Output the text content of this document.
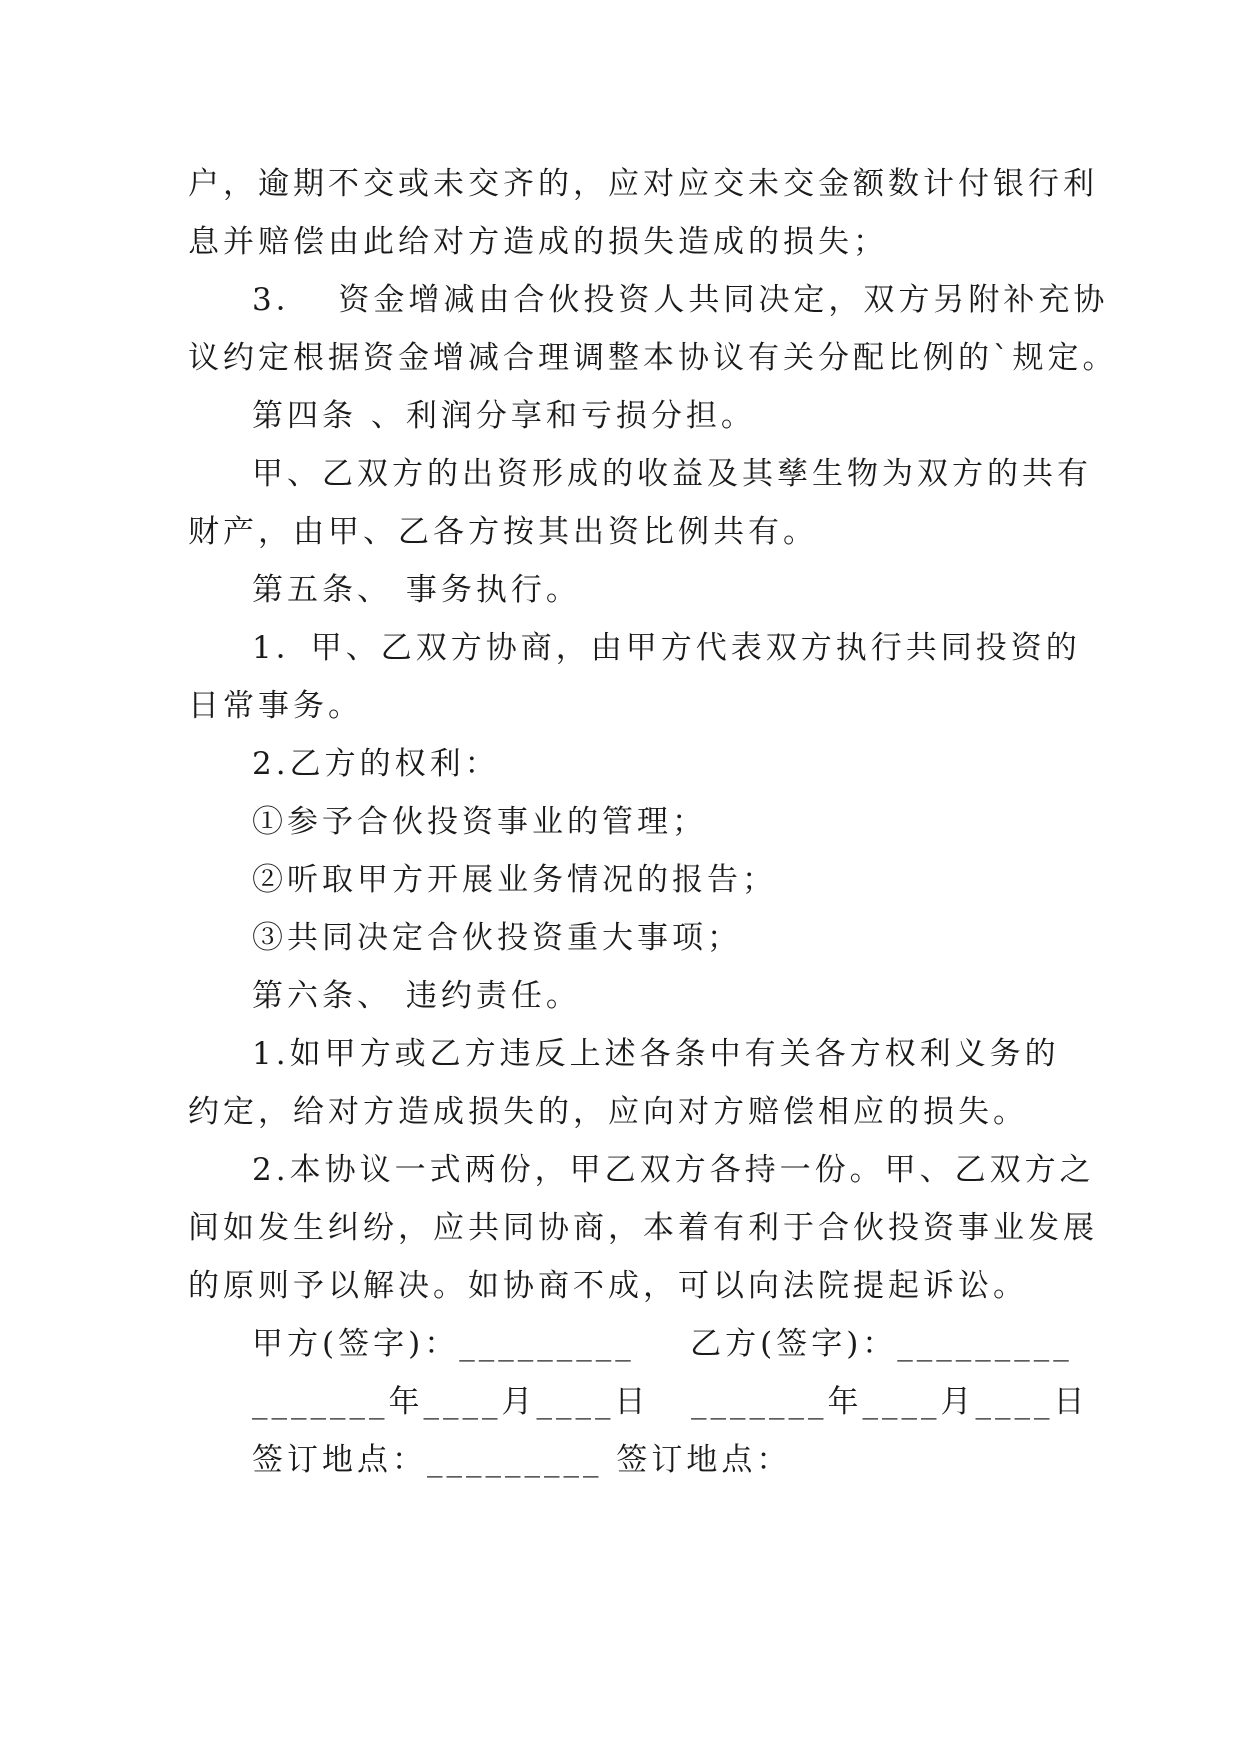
户，逾期不交或未交齐的，应对应交未交金额数计付银行利
息并赔偿由此给对方造成的损失造成的损失；
3．  资金增减由合伙投资人共同决定，双方另附补充协
议约定根据资金增减合理调整本协议有关分配比例的`规定。
第四条 、利润分享和亏损分担。
甲、乙双方的出资形成的收益及其孳生物为双方的共有
财产，由甲、乙各方按其出资比例共有。
第五条、 事务执行。
1．甲、乙双方协商，由甲方代表双方执行共同投资的
日常事务。
2.乙方的权利：
①参予合伙投资事业的管理；
②听取甲方开展业务情况的报告；
③共同决定合伙投资重大事项；
第六条、 违约责任。
1.如甲方或乙方违反上述各条中有关各方权利义务的
约定，给对方造成损失的，应向对方赔偿相应的损失。
2.本协议一式两份，甲乙双方各持一份。甲、乙双方之
间如发生纠纷，应共同协商，本着有利于合伙投资事业发展
的原则予以解决。如协商不成，可以向法院提起诉讼。
甲方(签字)：_________    乙方(签字)：_________
_______年____月____日   _______年____月____日
签订地点：_________ 签订地点：
